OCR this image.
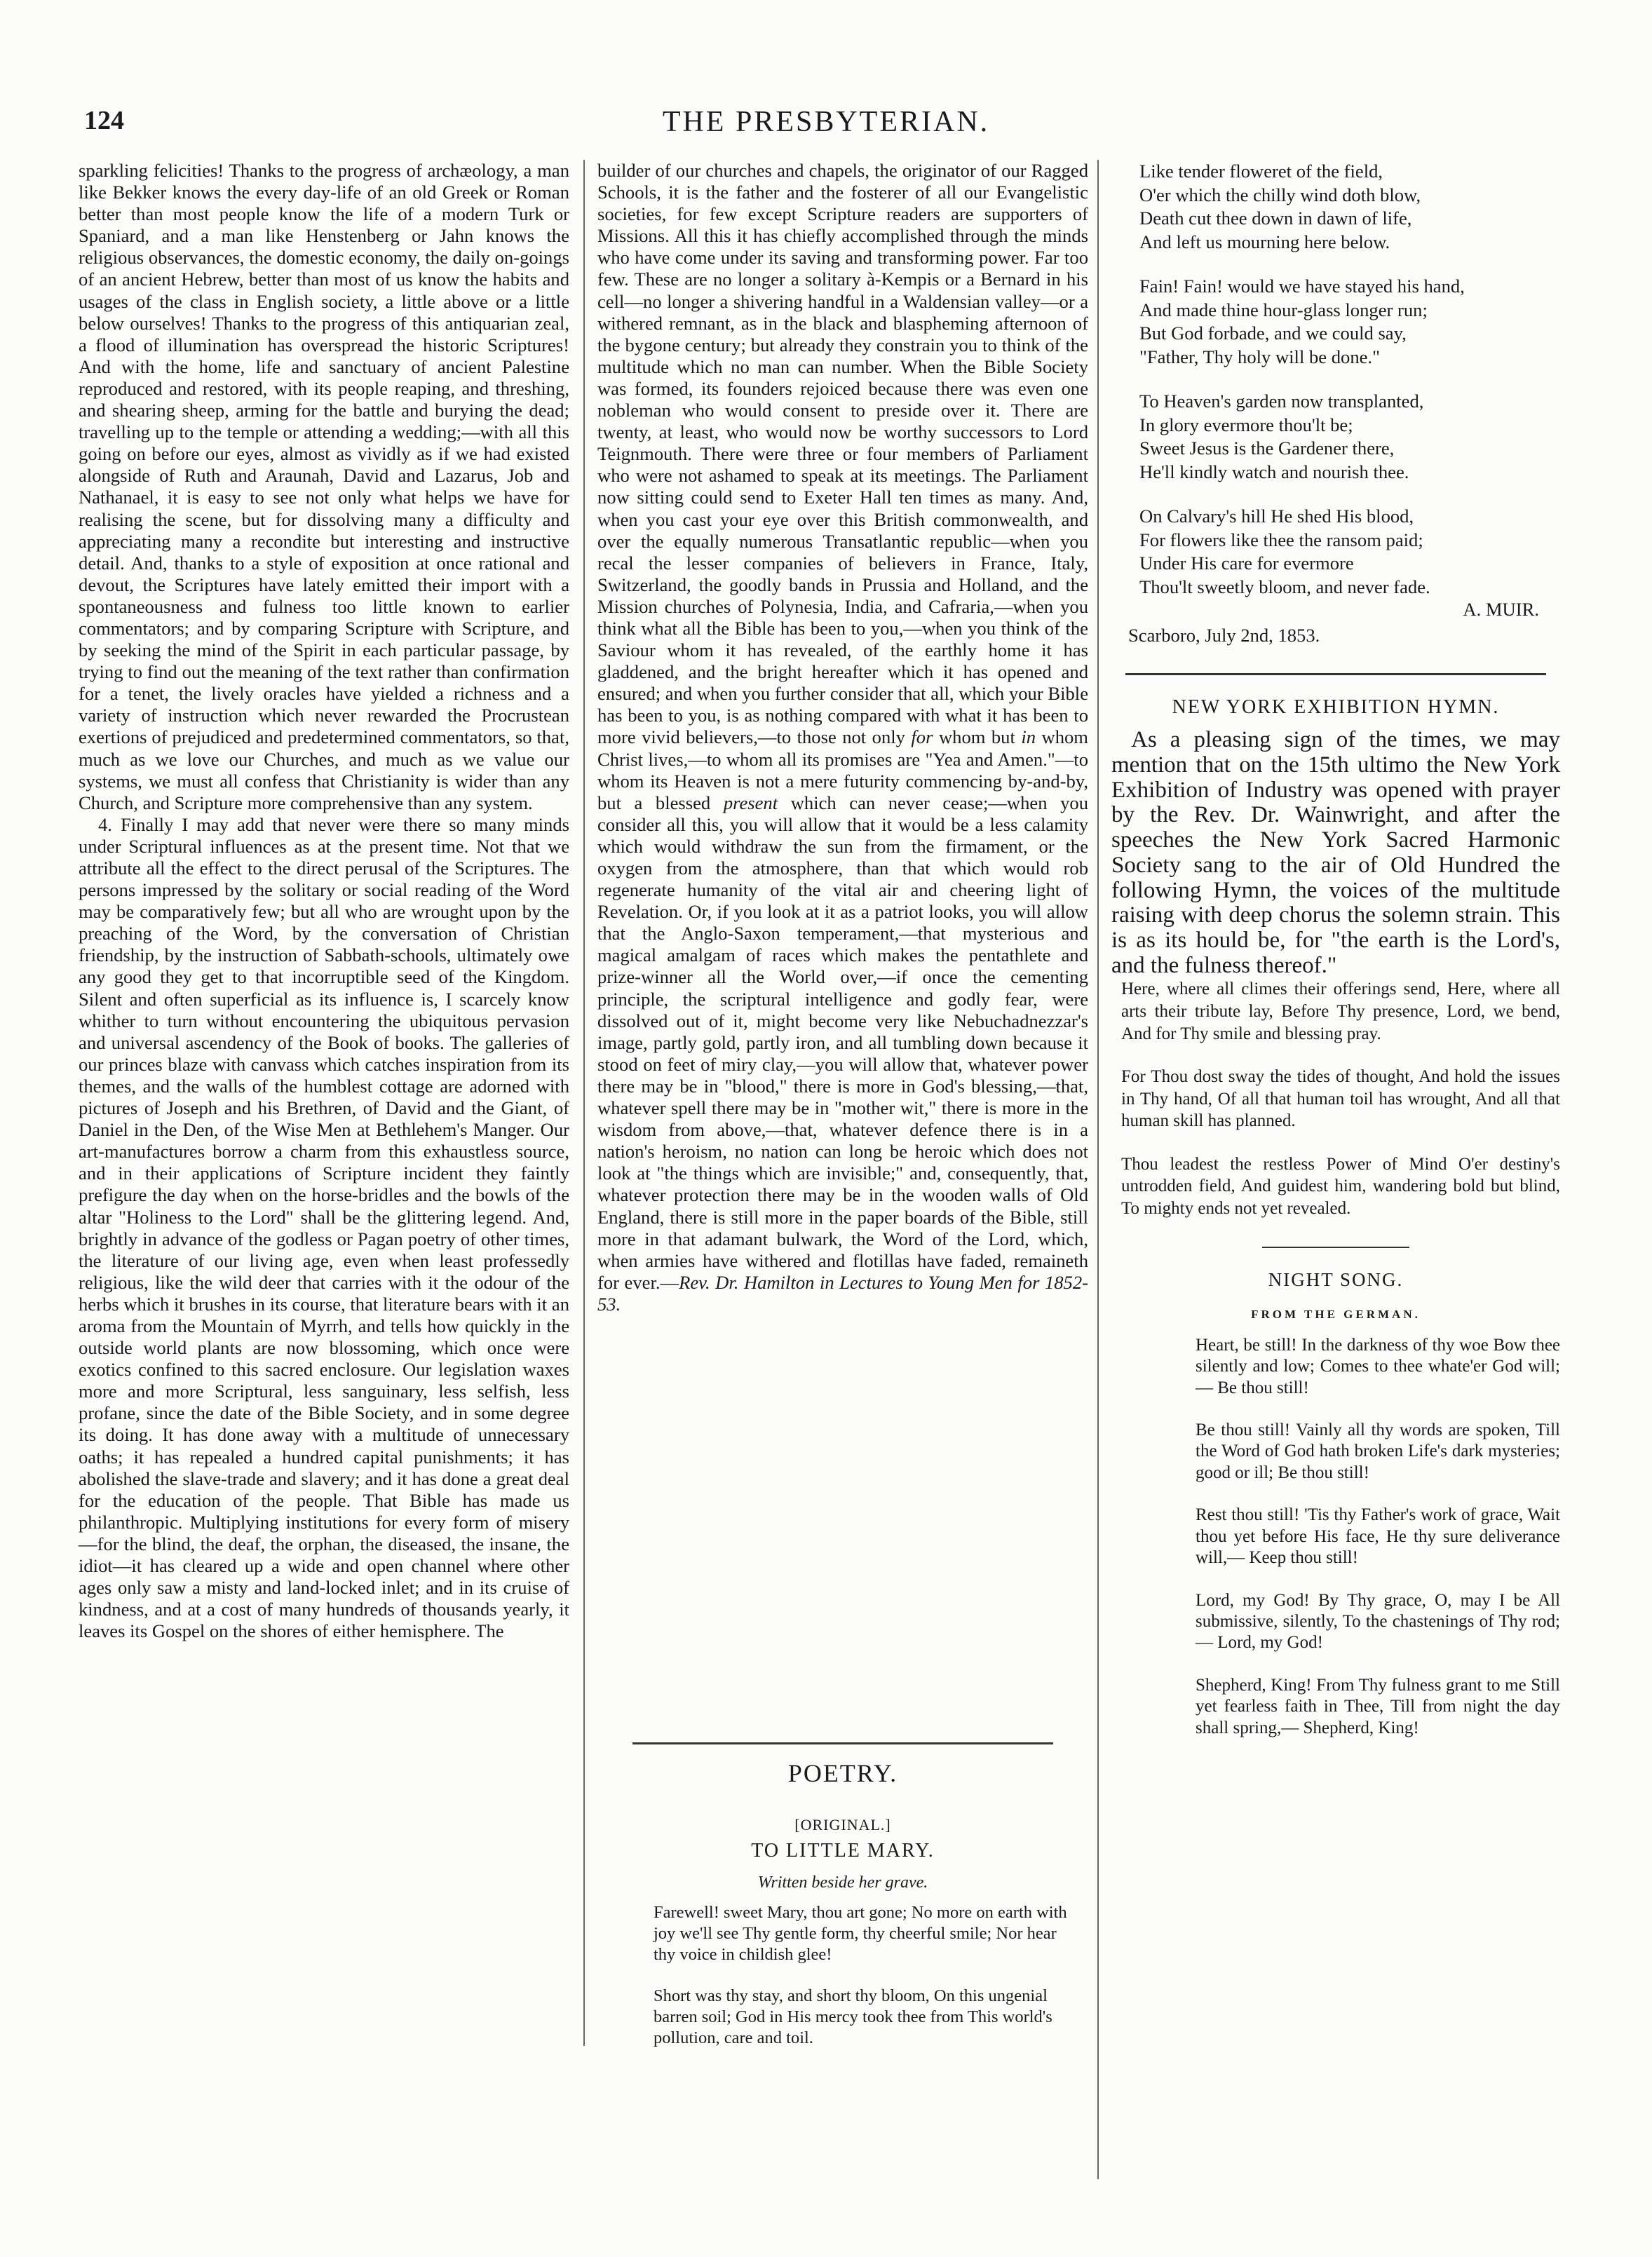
124	THE PRESBYTERIAN.

sparkling felicities! Thanks to the progress of archæology, a man like Bekker knows the every day-life of an old Greek or Roman better than most people know the life of a modern Turk or Spaniard, and a man like Henstenberg or Jahn knows the religious observances, the domestic economy, the daily on-goings of an ancient Hebrew, better than most of us know the habits and usages of the class in English society, a little above or a little below ourselves! Thanks to the progress of this antiquarian zeal, a flood of illumination has overspread the historic Scriptures! And with the home, life and sanctuary of ancient Palestine reproduced and restored, with its people reaping, and threshing, and shearing sheep, arming for the battle and burying the dead; travelling up to the temple or attending a wedding;—with all this going on before our eyes, almost as vividly as if we had existed alongside of Ruth and Araunah, David and Lazarus, Job and Nathanael, it is easy to see not only what helps we have for realising the scene, but for dissolving many a difficulty and appreciating many a recondite but interesting and instructive detail. And, thanks to a style of exposition at once rational and devout, the Scriptures have lately emitted their import with a spontaneousness and fulness too little known to earlier commentators; and by comparing Scripture with Scripture, and by seeking the mind of the Spirit in each particular passage, by trying to find out the meaning of the text rather than confirmation for a tenet, the lively oracles have yielded a richness and a variety of instruction which never rewarded the Procrustean exertions of prejudiced and predetermined commentators, so that, much as we love our Churches, and much as we value our systems, we must all confess that Christianity is wider than any Church, and Scripture more comprehensive than any system.

4. Finally I may add that never were there so many minds under Scriptural influences as at the present time. Not that we attribute all the effect to the direct perusal of the Scriptures. The persons impressed by the solitary or social reading of the Word may be comparatively few; but all who are wrought upon by the preaching of the Word, by the conversation of Christian friendship, by the instruction of Sabbath-schools, ultimately owe any good they get to that incorruptible seed of the Kingdom. Silent and often superficial as its influence is, I scarcely know whither to turn without encountering the ubiquitous pervasion and universal ascendency of the Book of books. The galleries of our princes blaze with canvass which catches inspiration from its themes, and the walls of the humblest cottage are adorned with pictures of Joseph and his Brethren, of David and the Giant, of Daniel in the Den, of the Wise Men at Bethlehem's Manger. Our art-manufactures borrow a charm from this exhaustless source, and in their applications of Scripture incident they faintly prefigure the day when on the horse-bridles and the bowls of the altar "Holiness to the Lord" shall be the glittering legend. And, brightly in advance of the godless or Pagan poetry of other times, the literature of our living age, even when least professedly religious, like the wild deer that carries with it the odour of the herbs which it brushes in its course, that literature bears with it an aroma from the Mountain of Myrrh, and tells how quickly in the outside world plants are now blossoming, which once were exotics confined to this sacred enclosure. Our legislation waxes more and more Scriptural, less sanguinary, less selfish, less profane, since the date of the Bible Society, and in some degree its doing. It has done away with a multitude of unnecessary oaths; it has repealed a hundred capital punishments; it has abolished the slave-trade and slavery; and it has done a great deal for the education of the people. That Bible has made us philanthropic. Multiplying institutions for every form of misery—for the blind, the deaf, the orphan, the diseased, the insane, the idiot—it has cleared up a wide and open channel where other ages only saw a misty and land-locked inlet; and in its cruise of kindness, and at a cost of many hundreds of thousands yearly, it leaves its Gospel on the shores of either hemisphere. The

builder of our churches and chapels, the originator of our Ragged Schools, it is the father and the fosterer of all our Evangelistic societies, for few except Scripture readers are supporters of Missions. All this it has chiefly accomplished through the minds who have come under its saving and transforming power. Far too few. These are no longer a solitary à-Kempis or a Bernard in his cell—no longer a shivering handful in a Waldensian valley—or a withered remnant, as in the black and blaspheming afternoon of the bygone century; but already they constrain you to think of the multitude which no man can number. When the Bible Society was formed, its founders rejoiced because there was even one nobleman who would consent to preside over it. There are twenty, at least, who would now be worthy successors to Lord Teignmouth. There were three or four members of Parliament who were not ashamed to speak at its meetings. The Parliament now sitting could send to Exeter Hall ten times as many. And, when you cast your eye over this British commonwealth, and over the equally numerous Transatlantic republic—when you recal the lesser companies of believers in France, Italy, Switzerland, the goodly bands in Prussia and Holland, and the Mission churches of Polynesia, India, and Cafraria,—when you think what all the Bible has been to you,—when you think of the Saviour whom it has revealed, of the earthly home it has gladdened, and the bright hereafter which it has opened and ensured; and when you further consider that all, which your Bible has been to you, is as nothing compared with what it has been to more vivid believers,—to those not only for whom but in whom Christ lives,—to whom all its promises are "Yea and Amen."—to whom its Heaven is not a mere futurity commencing by-and-by, but a blessed present which can never cease;—when you consider all this, you will allow that it would be a less calamity which would withdraw the sun from the firmament, or the oxygen from the atmosphere, than that which would rob regenerate humanity of the vital air and cheering light of Revelation. Or, if you look at it as a patriot looks, you will allow that the Anglo-Saxon temperament,—that mysterious and magical amalgam of races which makes the pentathlete and prize-winner all the World over,—if once the cementing principle, the scriptural intelligence and godly fear, were dissolved out of it, might become very like Nebuchadnezzar's image, partly gold, partly iron, and all tumbling down because it stood on feet of miry clay,—you will allow that, whatever power there may be in "blood," there is more in God's blessing,—that, whatever spell there may be in "mother wit," there is more in the wisdom from above,—that, whatever defence there is in a nation's heroism, no nation can long be heroic which does not look at "the things which are invisible;" and, consequently, that, whatever protection there may be in the wooden walls of Old England, there is still more in the paper boards of the Bible, still more in that adamant bulwark, the Word of the Lord, which, when armies have withered and flotillas have faded, remaineth for ever.—Rev. Dr. Hamilton in Lectures to Young Men for 1852-53.

POETRY.
[ORIGINAL.]
TO LITTLE MARY.
Written beside her grave.
Farewell! sweet Mary, thou art gone; No more on earth with joy we'll see Thy gentle form, thy cheerful smile; Nor hear thy voice in childish glee!
Short was thy stay, and short thy bloom, On this ungenial barren soil; God in His mercy took thee from This world's pollution, care and toil.
Like tender floweret of the field,
O'er which the chilly wind doth blow,
Death cut thee down in dawn of life,
And left us mourning here below.
Fain! Fain! would we have stayed his hand,
And made thine hour-glass longer run;
But God forbade, and we could say,
"Father, Thy holy will be done."
To Heaven's garden now transplanted,
In glory evermore thou'lt be;
Sweet Jesus is the Gardener there,
He'll kindly watch and nourish thee.
On Calvary's hill He shed His blood,
For flowers like thee the ransom paid;
Under His care for evermore
Thou'lt sweetly bloom, and never fade.
A. MUIR.
Scarborо, July 2nd, 1853.
NEW YORK EXHIBITION HYMN.

As a pleasing sign of the times, we may mention that on the 15th ultimo the New York Exhibition of Industry was opened with prayer by the Rev. Dr. Wainwright, and after the speeches the New York Sacred Harmonic Society sang to the air of Old Hundred the following Hymn, the voices of the multitude raising with deep chorus the solemn strain. This is as its hould be, for "the earth is the Lord's, and the fulness thereof."

Here, where all climes their offerings send, Here, where all arts their tribute lay, Before Thy presence, Lord, we bend, And for Thy smile and blessing pray.
For Thou dost sway the tides of thought, And hold the issues in Thy hand, Of all that human toil has wrought, And all that human skill has planned.
Thou leadest the restless Power of Mind O'er destiny's untrodden field, And guidest him, wandering bold but blind, To mighty ends not yet revealed.
NIGHT SONG.
FROM THE GERMAN.
Heart, be still! In the darkness of thy woe Bow thee silently and low; Comes to thee whate'er God will;— Be thou still!
Be thou still! Vainly all thy words are spoken, Till the Word of God hath broken Life's dark mysteries; good or ill; Be thou still!
Rest thou still! 'Tis thy Father's work of grace, Wait thou yet before His face, He thy sure deliverance will,— Keep thou still!
Lord, my God! By Thy grace, O, may I be All submissive, silently, To the chastenings of Thy rod;— Lord, my God!
Shepherd, King! From Thy fulness grant to me Still yet fearless faith in Thee, Till from night the day shall spring,— Shepherd, King!
